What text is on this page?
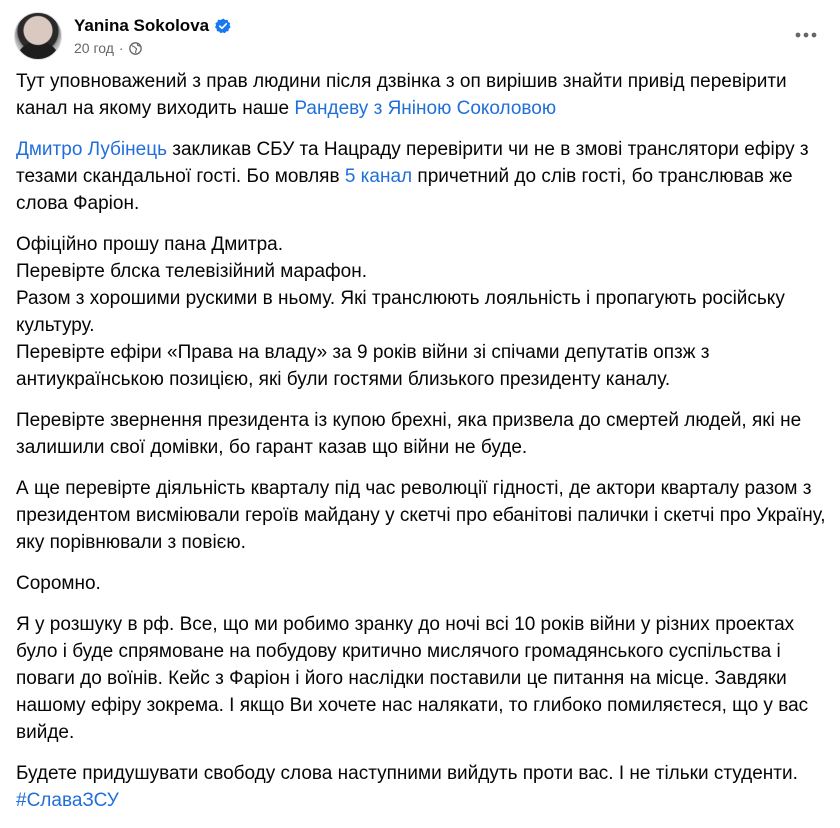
Yanina Sokolova
20 год ·

Тут уповноважений з прав людини після дзвінка з оп вирішив знайти привід перевірити
канал на якому виходить наше Рандеву з Яніною Соколовою

Дмитро Лубінець закликав СБУ та Нацраду перевірити чи не в змові транслятори ефіру з
тезами скандальної гості. Бо мовляв 5 канал причетний до слів гості, бо транслював же
слова Фаріон.

Офіційно прошу пана Дмитра.
Перевірте блска телевізійний марафон.
Разом з хорошими рускими в ньому. Які транслюють лояльність і пропагують російську
культуру.
Перевірте ефіри «Права на владу» за 9 років війни зі спічами депутатів опзж з
антиукраїнською позицією, які були гостями близького президенту каналу.

Перевірте звернення президента із купою брехні, яка призвела до смертей людей, які не
залишили свої домівки, бо гарант казав що війни не буде.

А ще перевірте діяльність кварталу під час революції гідності, де актори кварталу разом з
президентом висміювали героїв майдану у скетчі про ебанітові палички і скетчі про Україну,
яку порівнювали з повією.

Соромно.

Я у розшуку в рф. Все, що ми робимо зранку до ночі всі 10 років війни у різних проектах
було і буде спрямоване на побудову критично мислячого громадянського суспільства і
поваги до воїнів. Кейс з Фаріон і його наслідки поставили це питання на місце. Завдяки
нашому ефіру зокрема. І якщо Ви хочете нас налякати, то глибоко помиляєтеся, що у вас
вийде.

Будете придушувати свободу слова наступними вийдуть проти вас. І не тільки студенти.
#СлаваЗСУ
